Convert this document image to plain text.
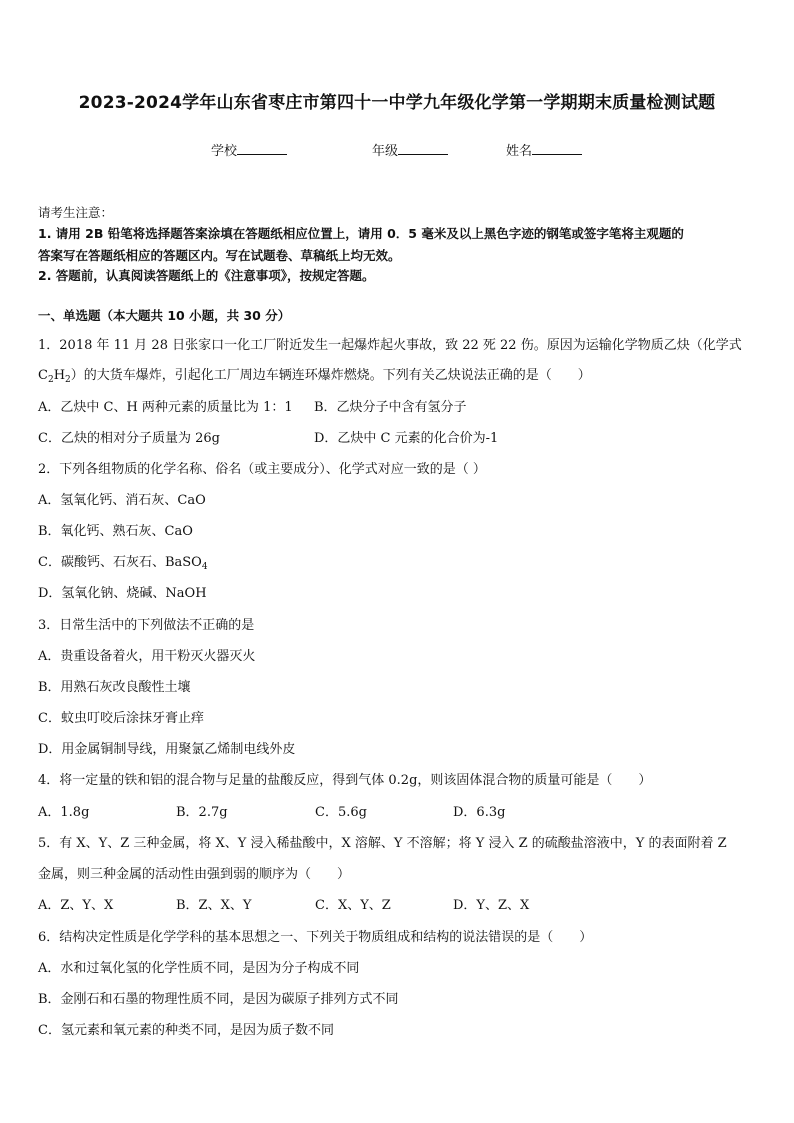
2023-2024学年山东省枣庄市第四十一中学九年级化学第一学期期末质量检测试题
学校	年级	姓名
请考生注意：
1. 请用 2B 铅笔将选择题答案涂填在答题纸相应位置上，请用 0．5 毫米及以上黑色字迹的钢笔或签字笔将主观题的
答案写在答题纸相应的答题区内。写在试题卷、草稿纸上均无效。
2. 答题前，认真阅读答题纸上的《注意事项》，按规定答题。
一、单选题（本大题共 10 小题，共 30 分）
1．2018 年 11 月 28 日张家口一化工厂附近发生一起爆炸起火事故，致 22 死 22 伤。原因为运输化学物质乙炔（化学式
$C_2H_2$）的大货车爆炸，引起化工厂周边车辆连环爆炸燃烧。下列有关乙炔说法正确的是（　　）
A．乙炔中 C、H 两种元素的质量比为 1：1 B．乙炔分子中含有氢分子
C．乙炔的相对分子质量为 26g	D．乙炔中 C 元素的化合价为-1
2．下列各组物质的化学名称、俗名（或主要成分）、化学式对应一致的是（ ）
A．氢氧化钙、消石灰、CaO
B．氧化钙、熟石灰、CaO
C．碳酸钙、石灰石、BaSO$_4$
D．氢氧化钠、烧碱、NaOH
3．日常生活中的下列做法不正确的是
A．贵重设备着火，用干粉灭火器灭火
B．用熟石灰改良酸性土壤
C．蚊虫叮咬后涂抹牙膏止痒
D．用金属铜制导线，用聚氯乙烯制电线外皮
4．将一定量的铁和铝的混合物与足量的盐酸反应，得到气体 0.2g，则该固体混合物的质量可能是（　　）
A．1.8g	B．2.7g	C．5.6g	D．6.3g
5．有 X、Y、Z 三种金属，将 X、Y 浸入稀盐酸中，X 溶解、Y 不溶解；将 Y 浸入 Z 的硫酸盐溶液中，Y 的表面附着 Z
金属，则三种金属的活动性由强到弱的顺序为（　　）
A．Z、Y、X	B．Z、X、Y	C．X、Y、Z	D．Y、Z、X
6．结构决定性质是化学学科的基本思想之一、下列关于物质组成和结构的说法错误的是（　　）
A．水和过氧化氢的化学性质不同，是因为分子构成不同
B．金刚石和石墨的物理性质不同，是因为碳原子排列方式不同
C．氢元素和氧元素的种类不同，是因为质子数不同
